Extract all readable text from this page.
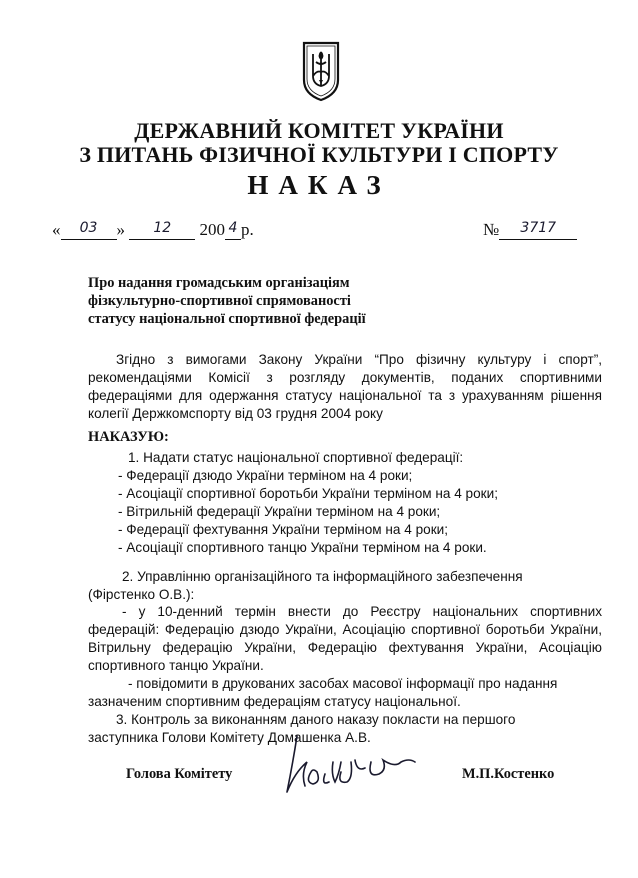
ДЕРЖАВНИЙ КОМІТЕТ УКРАЇНИ
З ПИТАНЬ ФІЗИЧНОЇ КУЛЬТУРИ І СПОРТУ
НАКАЗ
« $^{03}$ » $^{12}$ 200 $^4$ р.	№ $^{3717}$
Про надання громадським організаціям
фізкультурно-спортивної спрямованості
статусу національної спортивної федерації
Згідно з вимогами Закону України “Про фізичну культуру і спорт”,
рекомендаціями Комісії з розгляду документів, поданих спортивними
федераціями для одержання статусу національної та з урахуванням рішення
колегії Держкомспорту від 03 грудня 2004 року
НАКАЗУЮ:
1. Надати статус національної спортивної федерації:
- Федерації дзюдо України терміном на 4 роки;
- Асоціації спортивної боротьби України терміном на 4 роки;
- Вітрильній федерації України терміном на 4 роки;
- Федерації фехтування України терміном на 4 роки;
- Асоціації спортивного танцю України терміном на 4 роки.
2. Управлінню організаційного та інформаційного забезпечення
(Фірстенко О.В.):
- у 10-денний термін внести до Реєстру національних спортивних
федерацій: Федерацію дзюдо України, Асоціацію спортивної боротьби України,
Вітрильну федерацію України, Федерацію фехтування України, Асоціацію
спортивного танцю України.
- повідомити в друкованих засобах масової інформації про надання
зазначеним спортивним федераціям статусу національної.
3. Контроль за виконанням даного наказу покласти на першого
заступника Голови Комітету Домашенка А.В.
Голова Комітету	М.П.Костенко
